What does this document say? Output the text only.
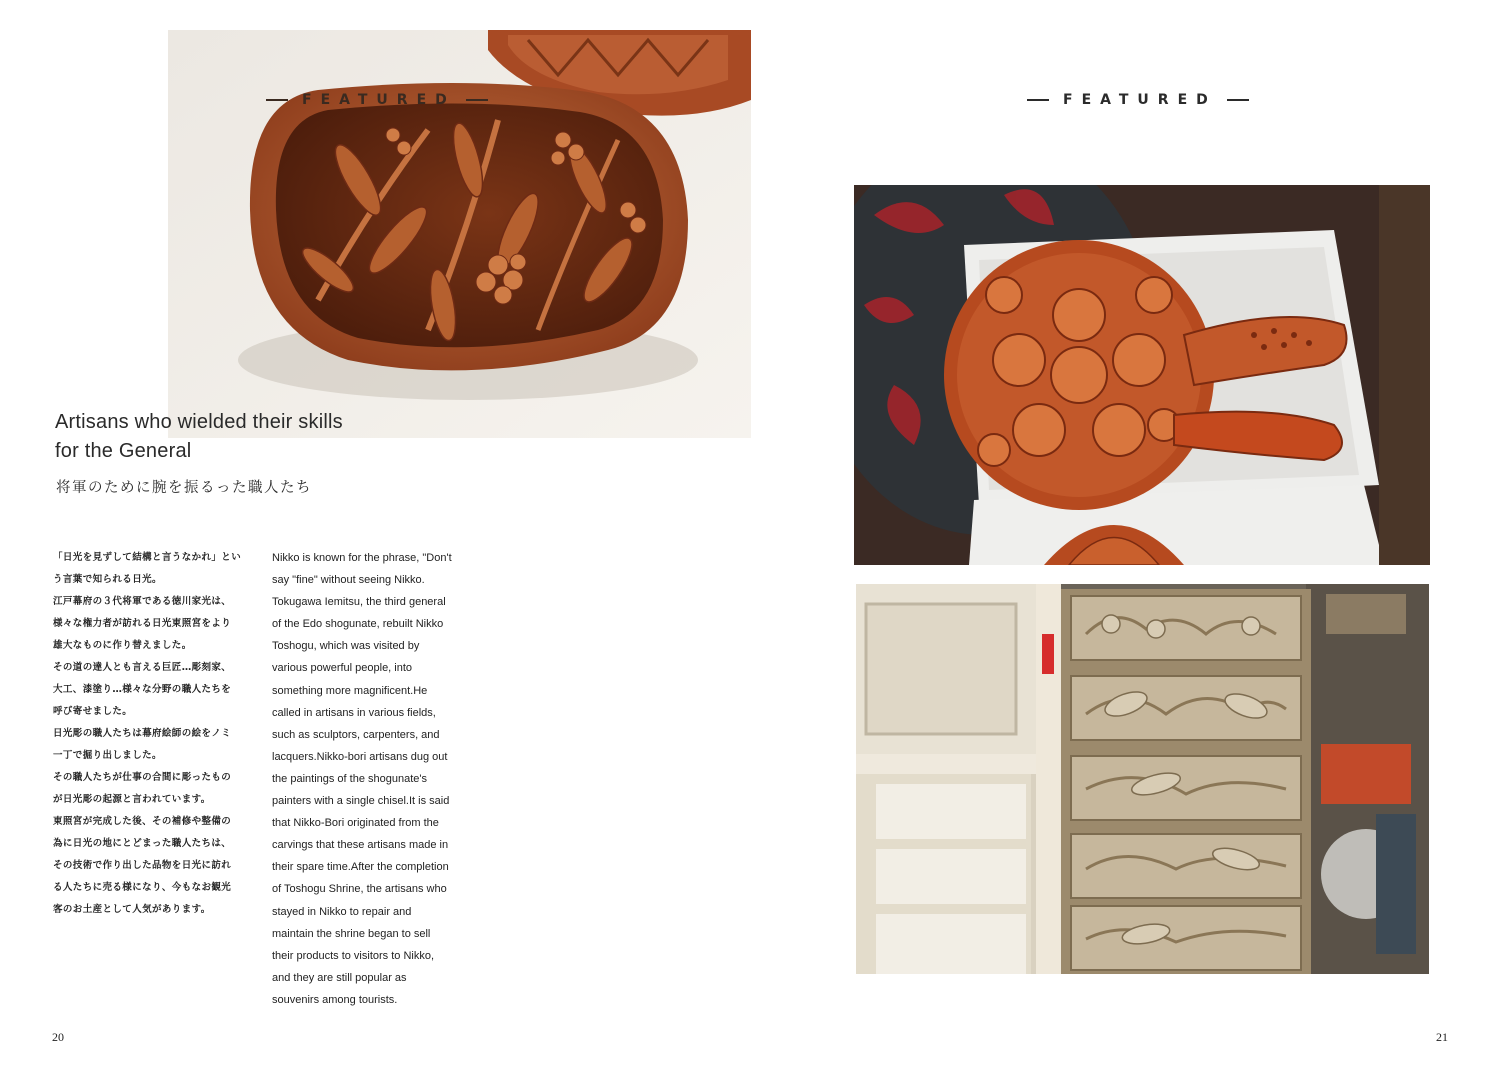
FEATURED
Artisans who wielded their skills
for the General
将軍のために腕を振るった職人たち

「日光を見ずして結構と言うなかれ」とい

う言葉で知られる日光。

江戸幕府の３代将軍である徳川家光は、

様々な権力者が訪れる日光東照宮をより

雄大なものに作り替えました。

その道の達人とも言える巨匠…彫刻家、

大工、漆塗り…様々な分野の職人たちを

呼び寄せました。

日光彫の職人たちは幕府絵師の絵をノミ

一丁で掘り出しました。

その職人たちが仕事の合間に彫ったもの

が日光彫の起源と言われています。

東照宮が完成した後、その補修や整備の

為に日光の地にとどまった職人たちは、

その技術で作り出した品物を日光に訪れ

る人たちに売る様になり、今もなお観光

客のお土産として人気があります。

Nikko is known for the phrase, "Don't

say "fine" without seeing Nikko.

Tokugawa Iemitsu, the third general

of the Edo shogunate, rebuilt Nikko

Toshogu, which was visited by

various powerful people, into

something more magnificent.He

called in artisans in various fields,

such as sculptors, carpenters, and

lacquers.Nikko-bori artisans dug out

the paintings of the shogunate's

painters with a single chisel.It is said

that Nikko-Bori originated from the

carvings that these artisans made in

their spare time.After the completion

of Toshogu Shrine, the artisans who

stayed in Nikko to repair and

maintain the shrine began to sell

their products to visitors to Nikko,

and they are still popular as

souvenirs among tourists.

20
FEATURED
21
